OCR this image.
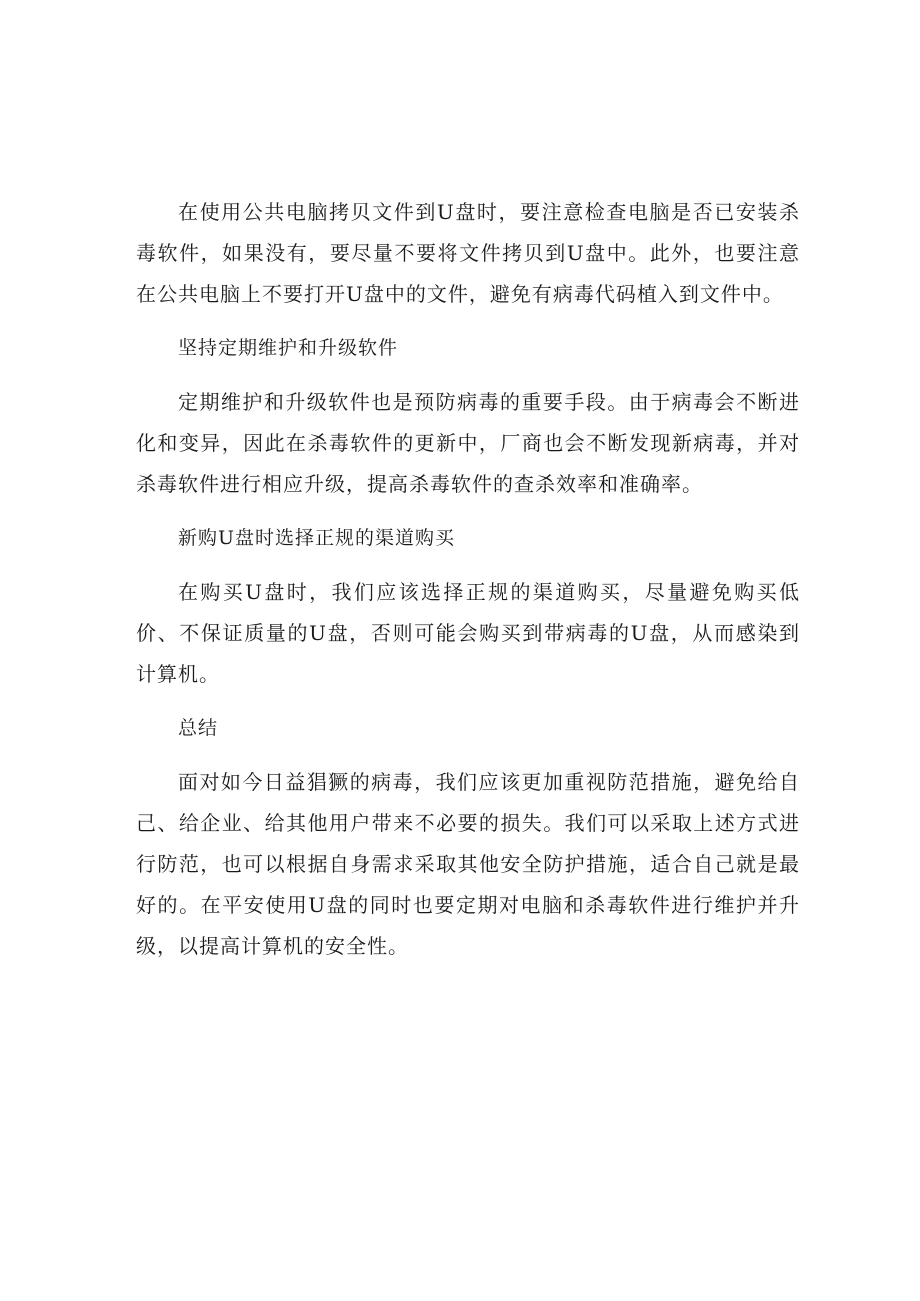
在使用公共电脑拷贝文件到U盘时，要注意检查电脑是否已安装杀毒软件，如果没有，要尽量不要将文件拷贝到U盘中。此外，也要注意在公共电脑上不要打开U盘中的文件，避免有病毒代码植入到文件中。

坚持定期维护和升级软件

定期维护和升级软件也是预防病毒的重要手段。由于病毒会不断进化和变异，因此在杀毒软件的更新中，厂商也会不断发现新病毒，并对杀毒软件进行相应升级，提高杀毒软件的查杀效率和准确率。

新购U盘时选择正规的渠道购买

在购买U盘时，我们应该选择正规的渠道购买，尽量避免购买低价、不保证质量的U盘，否则可能会购买到带病毒的U盘，从而感染到计算机。

总结

面对如今日益猖獗的病毒，我们应该更加重视防范措施，避免给自己、给企业、给其他用户带来不必要的损失。我们可以采取上述方式进行防范，也可以根据自身需求采取其他安全防护措施，适合自己就是最好的。在平安使用U盘的同时也要定期对电脑和杀毒软件进行维护并升级，以提高计算机的安全性。
